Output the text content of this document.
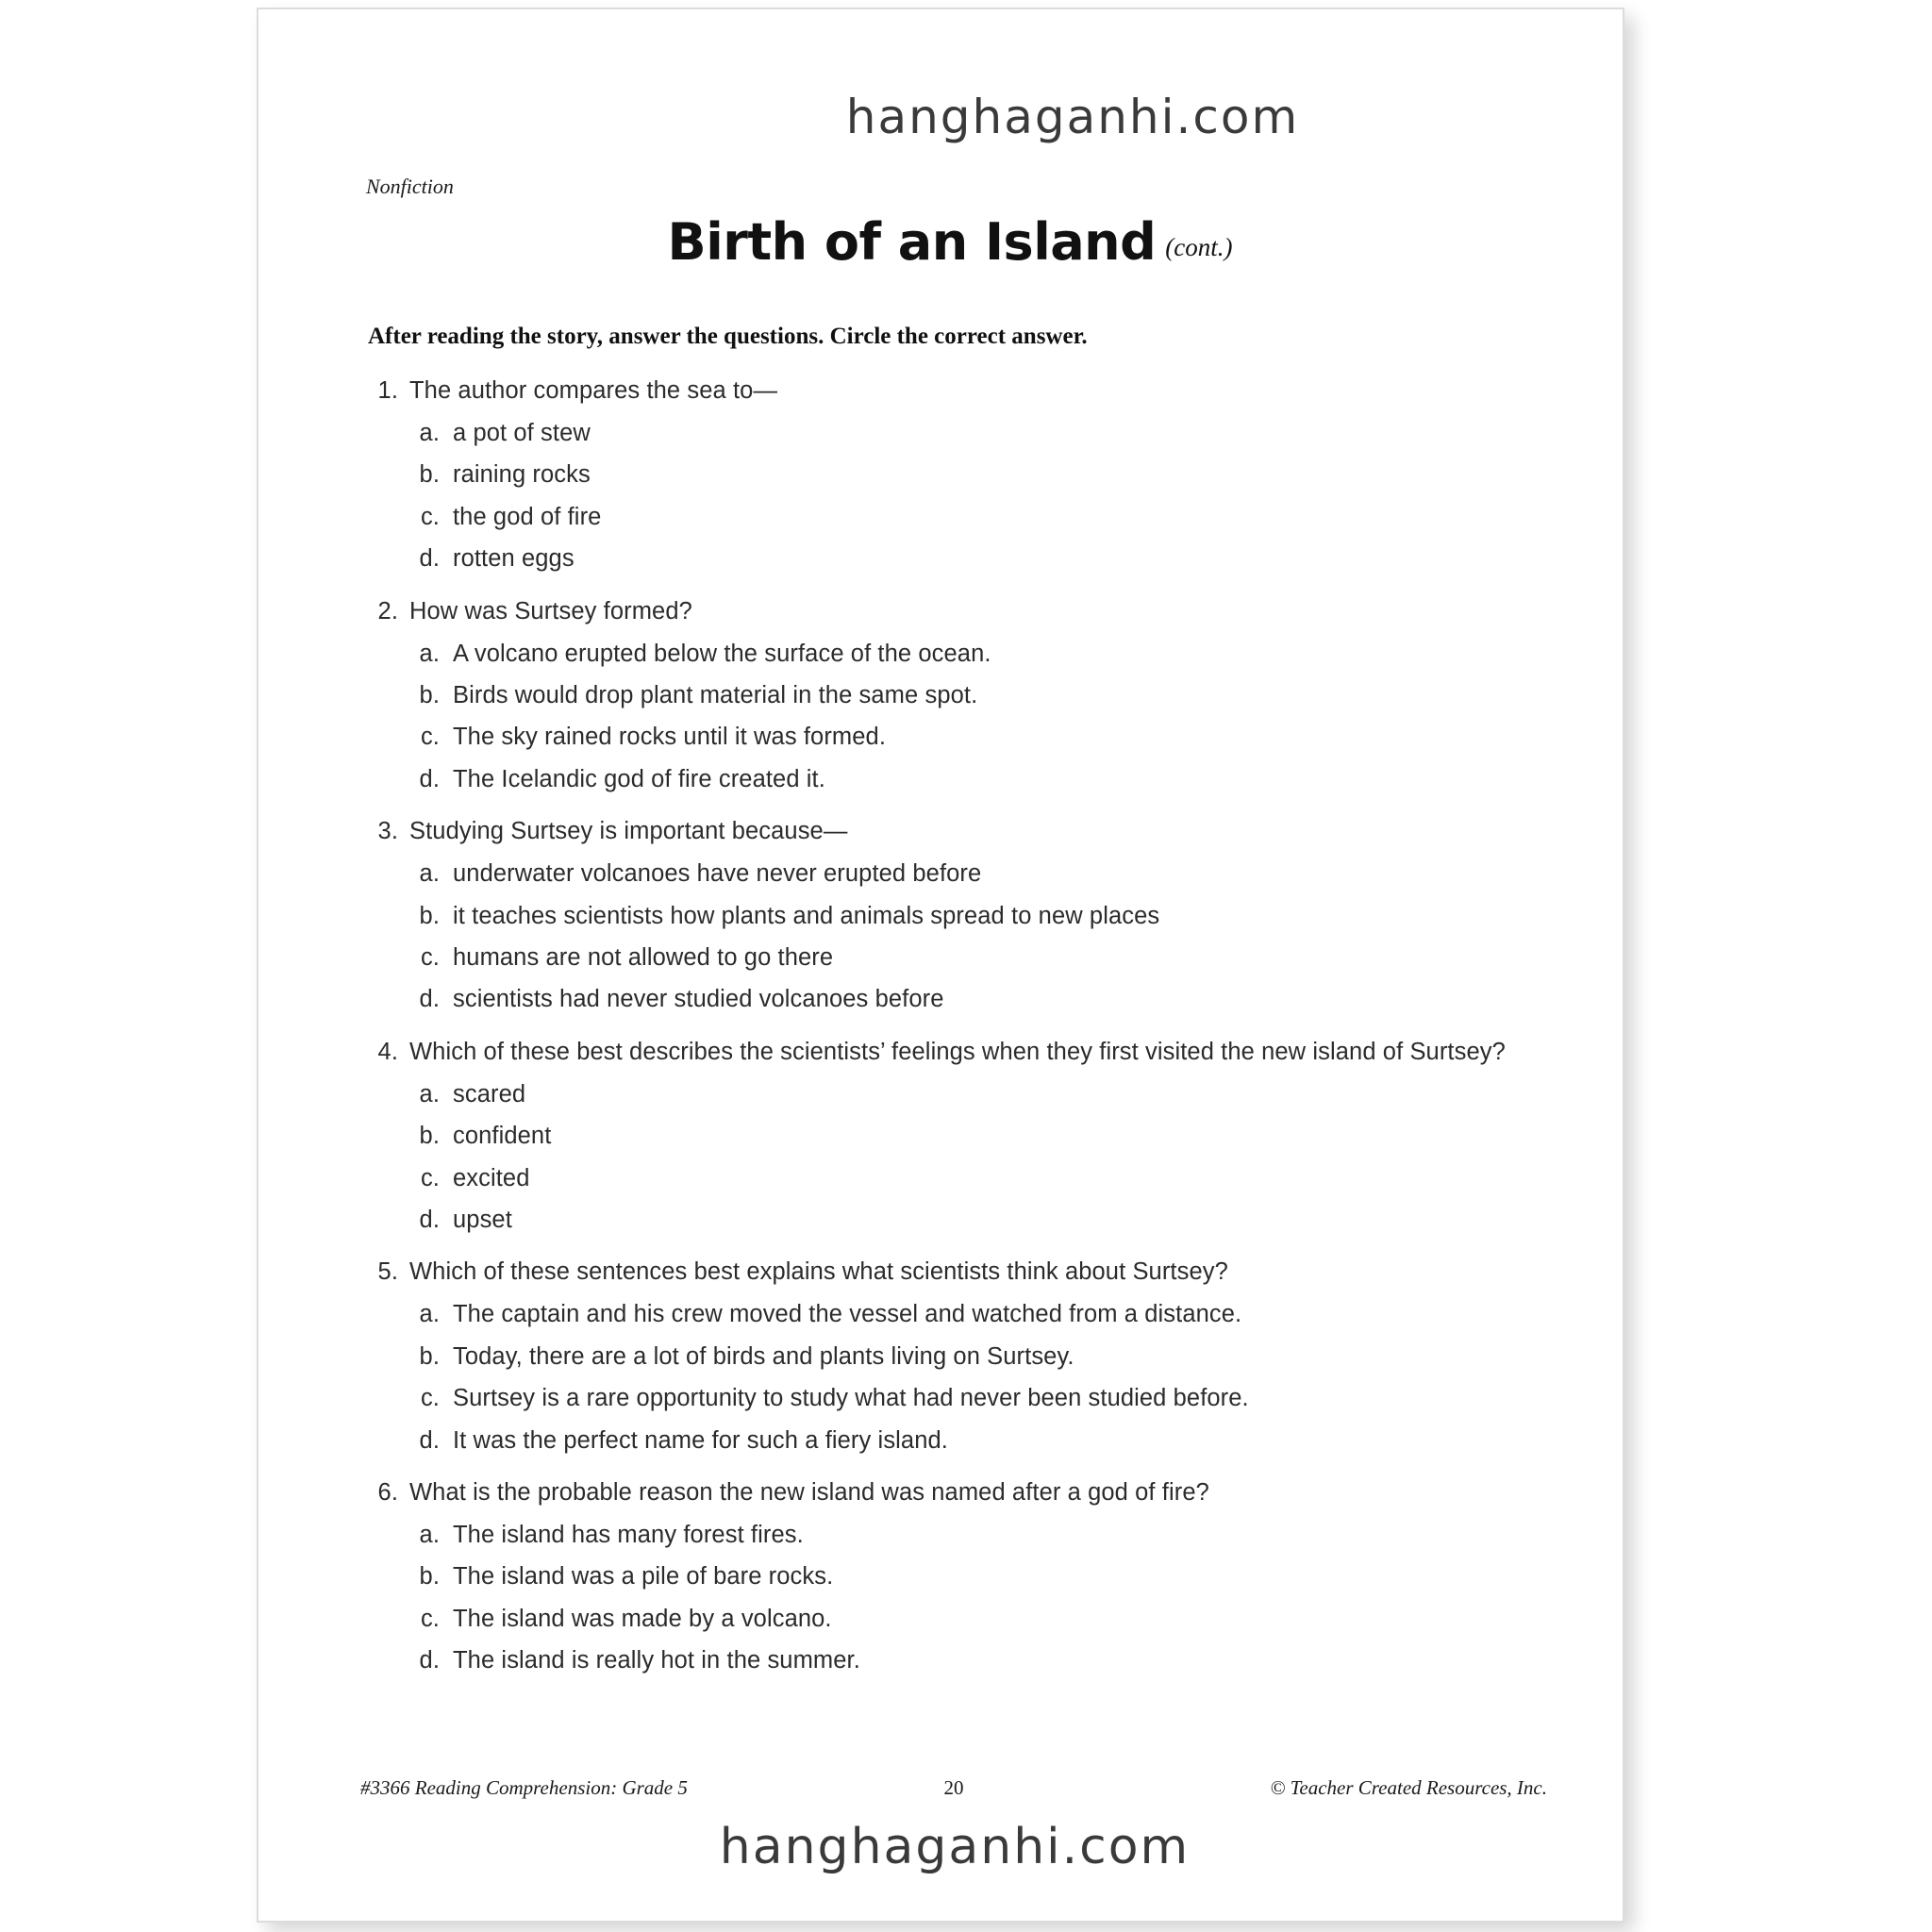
hanghaganhi.com
Nonfiction
Birth of an Island (cont.)
After reading the story, answer the questions. Circle the correct answer.
1. The author compares the sea to—
a. a pot of stew
b. raining rocks
c. the god of fire
d. rotten eggs
2. How was Surtsey formed?
a. A volcano erupted below the surface of the ocean.
b. Birds would drop plant material in the same spot.
c. The sky rained rocks until it was formed.
d. The Icelandic god of fire created it.
3. Studying Surtsey is important because—
a. underwater volcanoes have never erupted before
b. it teaches scientists how plants and animals spread to new places
c. humans are not allowed to go there
d. scientists had never studied volcanoes before
4. Which of these best describes the scientists’ feelings when they first visited the new island of Surtsey?
a. scared
b. confident
c. excited
d. upset
5. Which of these sentences best explains what scientists think about Surtsey?
a. The captain and his crew moved the vessel and watched from a distance.
b. Today, there are a lot of birds and plants living on Surtsey.
c. Surtsey is a rare opportunity to study what had never been studied before.
d. It was the perfect name for such a fiery island.
6. What is the probable reason the new island was named after a god of fire?
a. The island has many forest fires.
b. The island was a pile of bare rocks.
c. The island was made by a volcano.
d. The island is really hot in the summer.
#3366 Reading Comprehension: Grade 5	20	© Teacher Created Resources, Inc.
hanghaganhi.com
